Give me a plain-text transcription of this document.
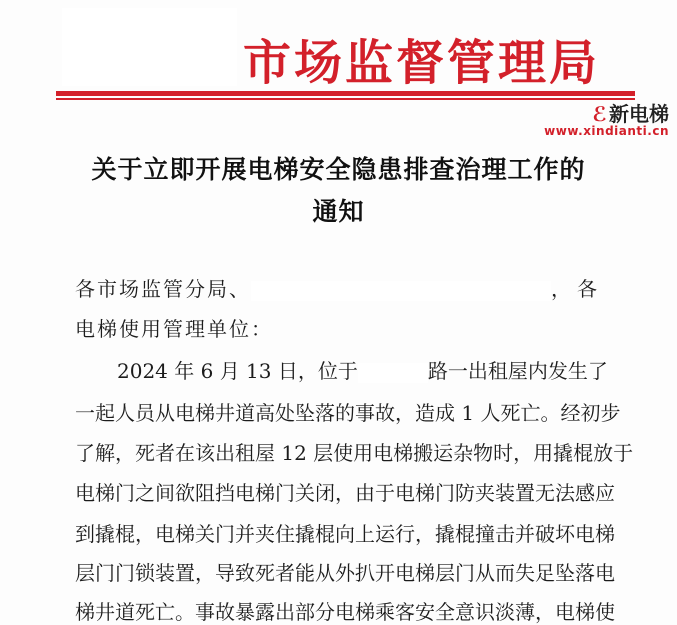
市场监督管理局
ℰ 新电梯
www.xindianti.cn
关于立即开展电梯安全隐患排查治理工作的
通知
各市场监管分局、	，各
电梯使用管理单位：
2024 年 6 月 13 日，位于	路一出租屋内发生了
一起人员从电梯井道高处坠落的事故，造成 1 人死亡。经初步
了解，死者在该出租屋 12 层使用电梯搬运杂物时，用撬棍放于
电梯门之间欲阻挡电梯门关闭，由于电梯门防夹装置无法感应
到撬棍，电梯关门并夹住撬棍向上运行，撬棍撞击并破坏电梯
层门门锁装置，导致死者能从外扒开电梯层门从而失足坠落电
梯井道死亡。事故暴露出部分电梯乘客安全意识淡薄，电梯使
